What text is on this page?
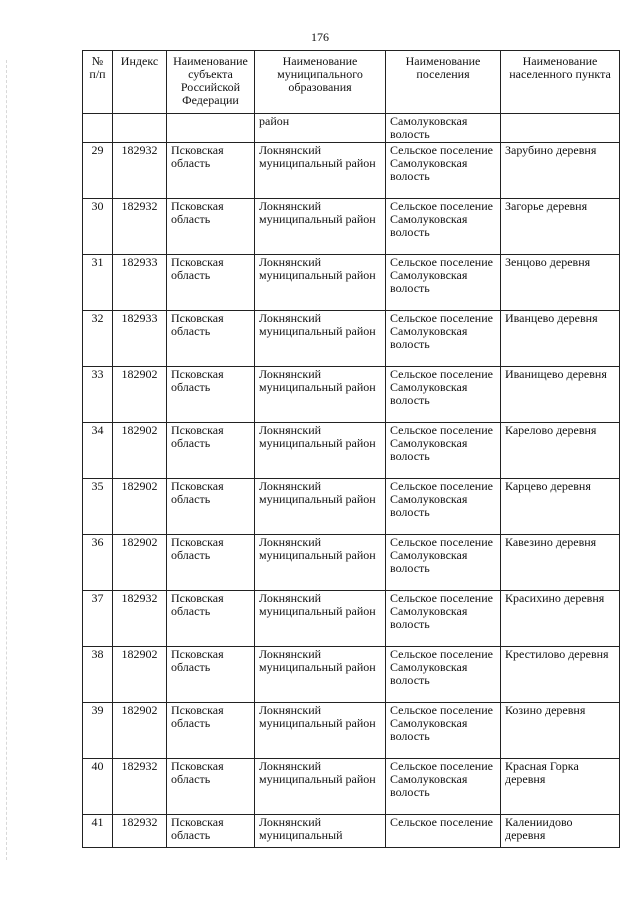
176
№ п/п	Индекс	Наименование субъекта Российской Федерации	Наименование муниципального образования	Наименование поселения	Наименование населенного пункта
			район	Самолуковская волость	
29	182932	Псковская область	Локнянский муниципальный район	Сельское поселение Самолуковская волость	Зарубино деревня
30	182932	Псковская область	Локнянский муниципальный район	Сельское поселение Самолуковская волость	Загорье деревня
31	182933	Псковская область	Локнянский муниципальный район	Сельское поселение Самолуковская волость	Зенцово деревня
32	182933	Псковская область	Локнянский муниципальный район	Сельское поселение Самолуковская волость	Иванцево деревня
33	182902	Псковская область	Локнянский муниципальный район	Сельское поселение Самолуковская волость	Иванищево деревня
34	182902	Псковская область	Локнянский муниципальный район	Сельское поселение Самолуковская волость	Карелово деревня
35	182902	Псковская область	Локнянский муниципальный район	Сельское поселение Самолуковская волость	Карцево деревня
36	182902	Псковская область	Локнянский муниципальный район	Сельское поселение Самолуковская волость	Кавезино деревня
37	182932	Псковская область	Локнянский муниципальный район	Сельское поселение Самолуковская волость	Красихино деревня
38	182902	Псковская область	Локнянский муниципальный район	Сельское поселение Самолуковская волость	Крестилово деревня
39	182902	Псковская область	Локнянский муниципальный район	Сельское поселение Самолуковская волость	Козино деревня
40	182932	Псковская область	Локнянский муниципальный район	Сельское поселение Самолуковская волость	Красная Горка деревня
41	182932	Псковская область	Локнянский муниципальный	Сельское поселение	Калениидово деревня
